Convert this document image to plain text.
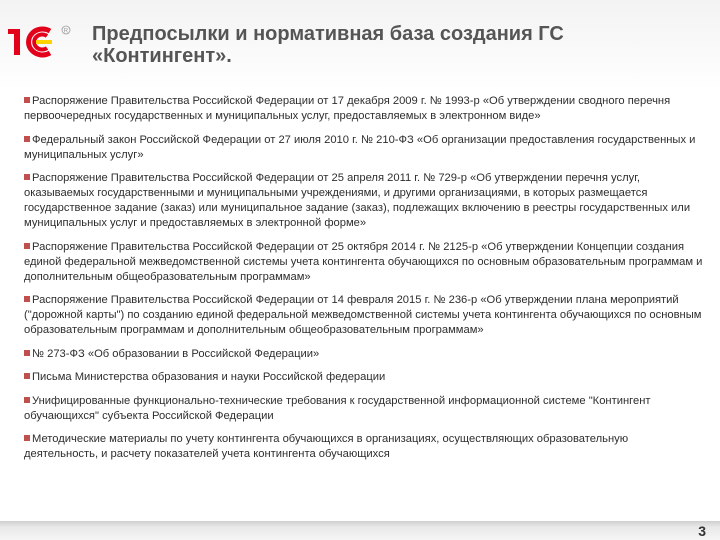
R Предпосылки и нормативная база создания ГС
«Контингент».
Распоряжение Правительства Российской Федерации от 17 декабря 2009 г. № 1993-р «Об утверждении сводного перечня первоочередных государственных и муниципальных услуг, предоставляемых в электронном виде»
Федеральный закон Российской Федерации от 27 июля 2010 г. № 210-ФЗ «Об организации предоставления государственных и муниципальных услуг»
Распоряжение Правительства Российской Федерации от 25 апреля 2011 г. № 729-р «Об утверждении перечня услуг, оказываемых государственными и муниципальными учреждениями, и другими организациями, в которых размещается государственное задание (заказ) или муниципальное задание (заказ), подлежащих включению в реестры государственных или муниципальных услуг и предоставляемых в электронной форме»
Распоряжение Правительства Российской Федерации от 25 октября 2014 г. № 2125-р «Об утверждении Концепции создания единой федеральной межведомственной системы учета контингента обучающихся по основным образовательным программам и дополнительным общеобразовательным программам»
Распоряжение Правительства Российской Федерации от 14 февраля 2015 г. № 236-р «Об утверждении плана мероприятий ("дорожной карты") по созданию единой федеральной межведомственной системы учета контингента обучающихся по основным образовательным программам и дополнительным общеобразовательным программам»
№ 273-ФЗ «Об образовании в Российской Федерации»
Письма Министерства образования и науки Российской федерации
Унифицированные функционально-технические требования к государственной информационной системе "Контингент обучающихся" субъекта Российской Федерации
Методические материалы по учету контингента обучающихся в организациях, осуществляющих образовательную деятельность, и расчету показателей учета контингента обучающихся
3
